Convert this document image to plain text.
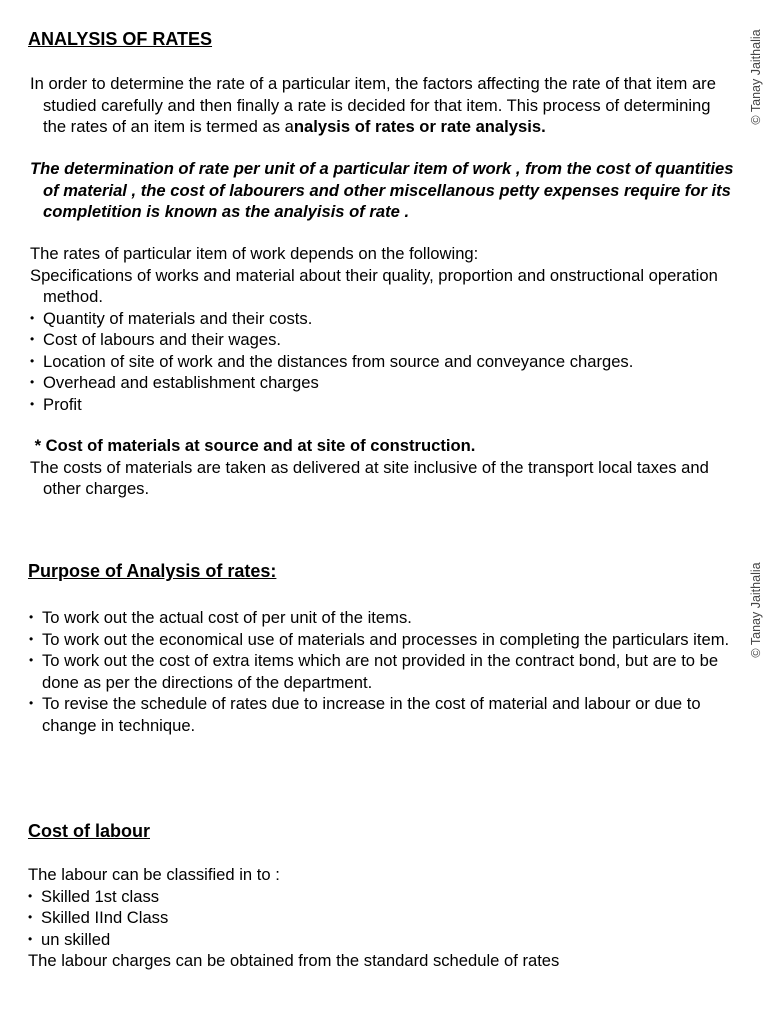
© Tanay Jaithalia
© Tanay Jaithalia
ANALYSIS OF RATES

In order to determine the rate of a particular item, the factors affecting the rate of that item are studied carefully and then finally a rate is decided for that item. This process of determining the rates of an item is termed as analysis of rates or rate analysis.

The determination of rate per unit of a particular item of work , from the cost of quantities of material , the cost of labourers and other miscellanous petty expenses require for its completition is known as the analyisis of rate .

The rates of particular item of work depends on the following:

Specifications of works and material about their quality, proportion and onstructional operation method.

• Quantity of materials and their costs.
• Cost of labours and their wages.
• Location of site of work and the distances from source and conveyance charges.
• Overhead and establishment charges
• Profit

* Cost of materials at source and at site of construction.

The costs of materials are taken as delivered at site inclusive of the transport local taxes and other charges.

Purpose of Analysis of rates:
• To work out the actual cost of per unit of the items.
• To work out the economical use of materials and processes in completing the particulars item.
• To work out the cost of extra items which are not provided in the contract bond, but are to be done as per the directions of the department.
• To revise the schedule of rates due to increase in the cost of material and labour or due to change in technique.
Cost of labour

The labour can be classified in to :

• Skilled 1st class
• Skilled IInd Class
• un skilled

The labour charges can be obtained from the standard schedule of rates
